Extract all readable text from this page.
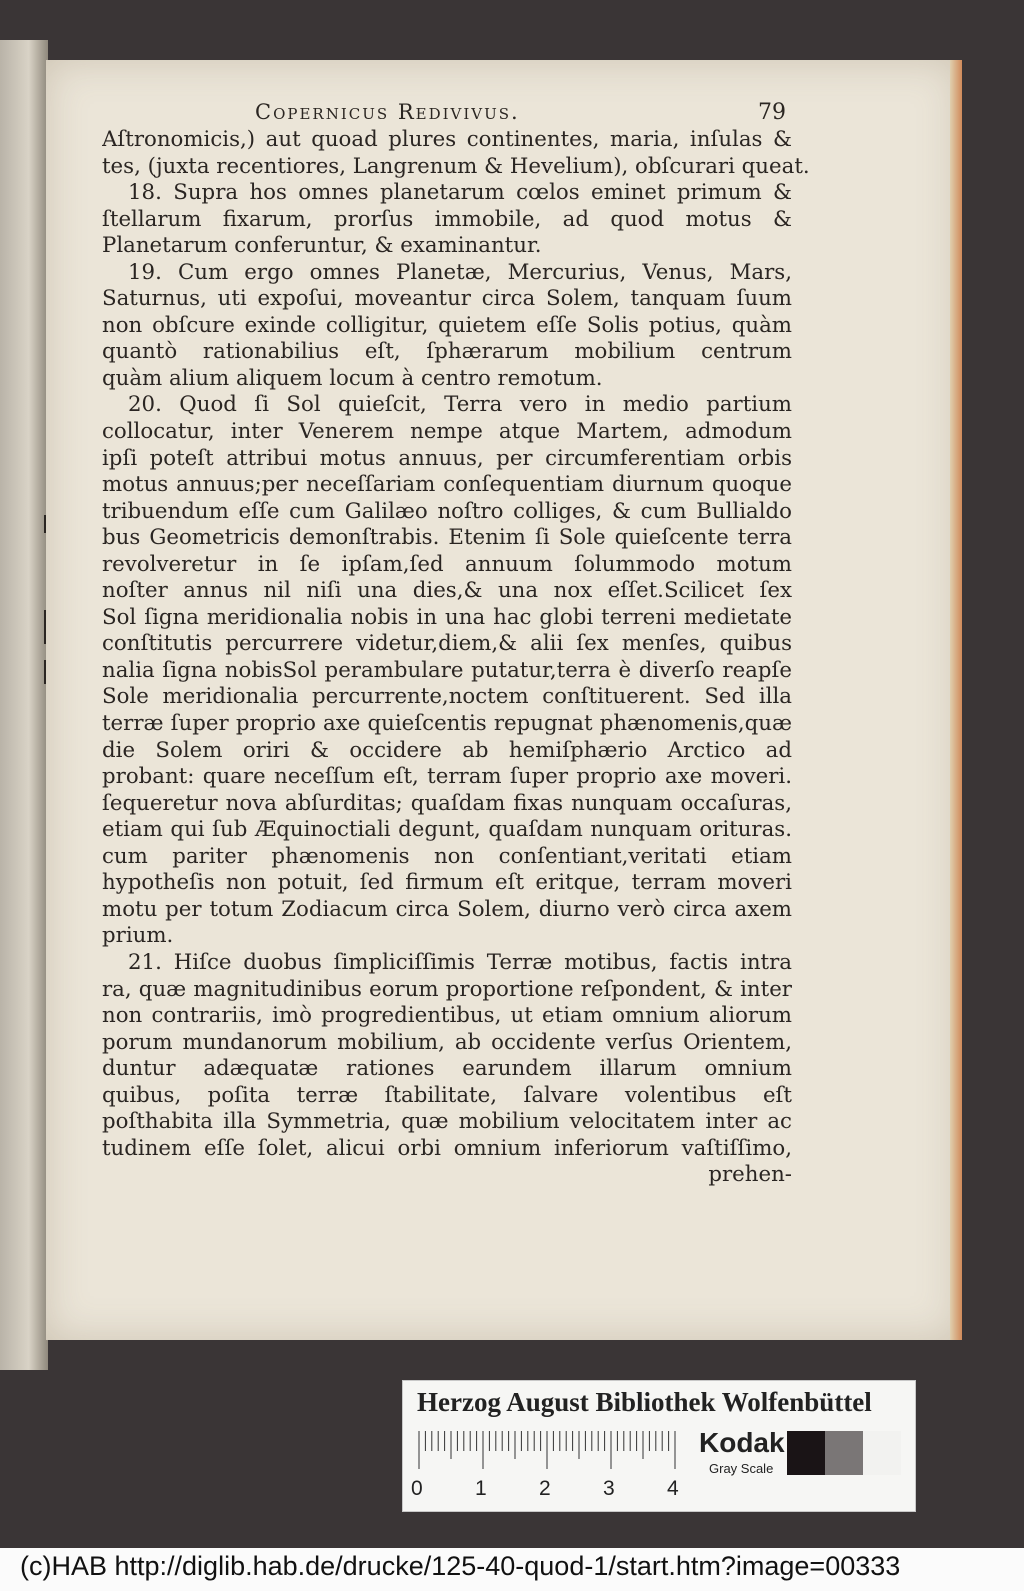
Copernicus Redivivus.	79
Aſtronomicis,) aut quoad plures continentes, maria, inſulas &
tes, (juxta recentiores, Langrenum & Hevelium), obſcurari queat.
18. Supra hos omnes planetarum cœlos eminet primum &
ſtellarum fixarum, prorſus immobile, ad quod motus &
Planetarum conferuntur, & examinantur.
19. Cum ergo omnes Planetæ, Mercurius, Venus, Mars,
Saturnus, uti expoſui, moveantur circa Solem, tanquam ſuum
non obſcure exinde colligitur, quietem eſſe Solis potius, quàm
quantò rationabilius eſt, ſphærarum mobilium centrum
quàm alium aliquem locum à centro remotum.
20. Quod ſi Sol quieſcit, Terra vero in medio partium
collocatur, inter Venerem nempe atque Martem, admodum
ipſi poteſt attribui motus annuus, per circumferentiam orbis
motus annuus;per neceſſariam conſequentiam diurnum quoque
tribuendum eſſe cum Galilæo noſtro colliges, & cum Bullialdo
bus Geometricis demonſtrabis. Etenim ſi Sole quieſcente terra
revolveretur in ſe ipſam,ſed annuum ſolummodo motum
noſter annus nil niſi una dies,& una nox eſſet.Scilicet ſex
Sol ſigna meridionalia nobis in una hac globi terreni medietate
conſtitutis percurrere videtur,diem,& alii ſex menſes, quibus
nalia ſigna nobisSol perambulare putatur,terra è diverſo reapſe
Sole meridionalia percurrente,noctem conſtituerent. Sed illa
terræ ſuper proprio axe quieſcentis repugnat phænomenis,quæ
die Solem oriri & occidere ab hemiſphærio Arctico ad
probant: quare neceſſum eſt, terram ſuper proprio axe moveri.
ſequeretur nova abſurditas; quaſdam fixas nunquam occaſuras,
etiam qui ſub Æquinoctiali degunt, quaſdam nunquam orituras.
cum pariter phænomenis non conſentiant,veritati etiam
hypotheſis non potuit, ſed firmum eſt eritque, terram moveri
motu per totum Zodiacum circa Solem, diurno verò circa axem
prium.
21. Hiſce duobus ſimpliciſſimis Terræ motibus, factis intra
ra, quæ magnitudinibus eorum proportione reſpondent, & inter
non contrariis, imò progredientibus, ut etiam omnium aliorum
porum mundanorum mobilium, ab occidente verſus Orientem,
duntur adæquatæ rationes earundem illarum omnium
quibus, poſita terræ ſtabilitate, ſalvare volentibus eſt
poſthabita illa Symmetria, quæ mobilium velocitatem inter ac
tudinem eſſe ſolet, alicui orbi omnium inferiorum vaſtiſſimo,
prehen-
Herzog August Bibliothek Wolfenbüttel
0 1 2 3 4
Kodak
Gray Scale
(c)HAB http://diglib.hab.de/drucke/125-40-quod-1/start.htm?image=00333
